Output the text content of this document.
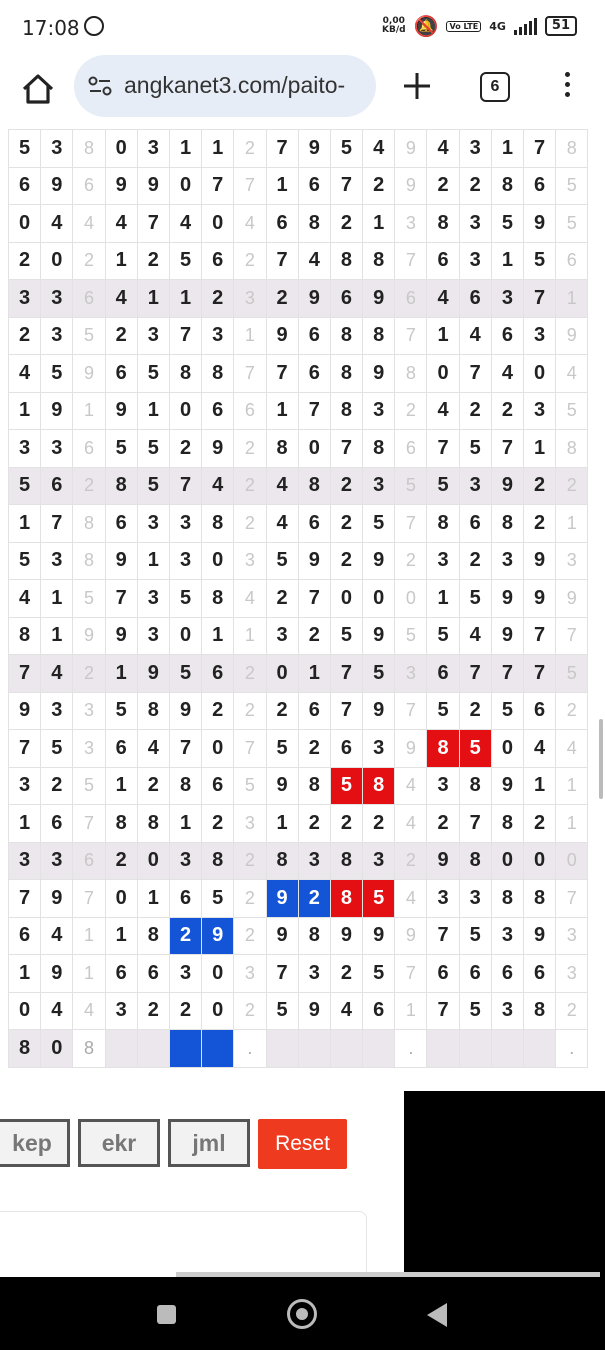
17:08	0,00
KB/d 🔕	Vo LTE 4G	51
angkanet3.com/paito-	6
5	3	8	0	3	1	1	2	7	9	5	4	9	4	3	1	7	8
6	9	6	9	9	0	7	7	1	6	7	2	9	2	2	8	6	5
0	4	4	4	7	4	0	4	6	8	2	1	3	8	3	5	9	5
2	0	2	1	2	5	6	2	7	4	8	8	7	6	3	1	5	6
3	3	6	4	1	1	2	3	2	9	6	9	6	4	6	3	7	1
2	3	5	2	3	7	3	1	9	6	8	8	7	1	4	6	3	9
4	5	9	6	5	8	8	7	7	6	8	9	8	0	7	4	0	4
1	9	1	9	1	0	6	6	1	7	8	3	2	4	2	2	3	5
3	3	6	5	5	2	9	2	8	0	7	8	6	7	5	7	1	8
5	6	2	8	5	7	4	2	4	8	2	3	5	5	3	9	2	2
1	7	8	6	3	3	8	2	4	6	2	5	7	8	6	8	2	1
5	3	8	9	1	3	0	3	5	9	2	9	2	3	2	3	9	3
4	1	5	7	3	5	8	4	2	7	0	0	0	1	5	9	9	9
8	1	9	9	3	0	1	1	3	2	5	9	5	5	4	9	7	7
7	4	2	1	9	5	6	2	0	1	7	5	3	6	7	7	7	5
9	3	3	5	8	9	2	2	2	6	7	9	7	5	2	5	6	2
7	5	3	6	4	7	0	7	5	2	6	3	9	8	5	0	4	4
3	2	5	1	2	8	6	5	9	8	5	8	4	3	8	9	1	1
1	6	7	8	8	1	2	3	1	2	2	2	4	2	7	8	2	1
3	3	6	2	0	3	8	2	8	3	8	3	2	9	8	0	0	0
7	9	7	0	1	6	5	2	9	2	8	5	4	3	3	8	8	7
6	4	1	1	8	2	9	2	9	8	9	9	9	7	5	3	9	3
1	9	1	6	6	3	0	3	7	3	2	5	7	6	6	6	6	3
0	4	4	3	2	2	0	2	5	9	4	6	1	7	5	3	8	2
8	0	8					.					.					.
kep	ekr	jml	Reset
